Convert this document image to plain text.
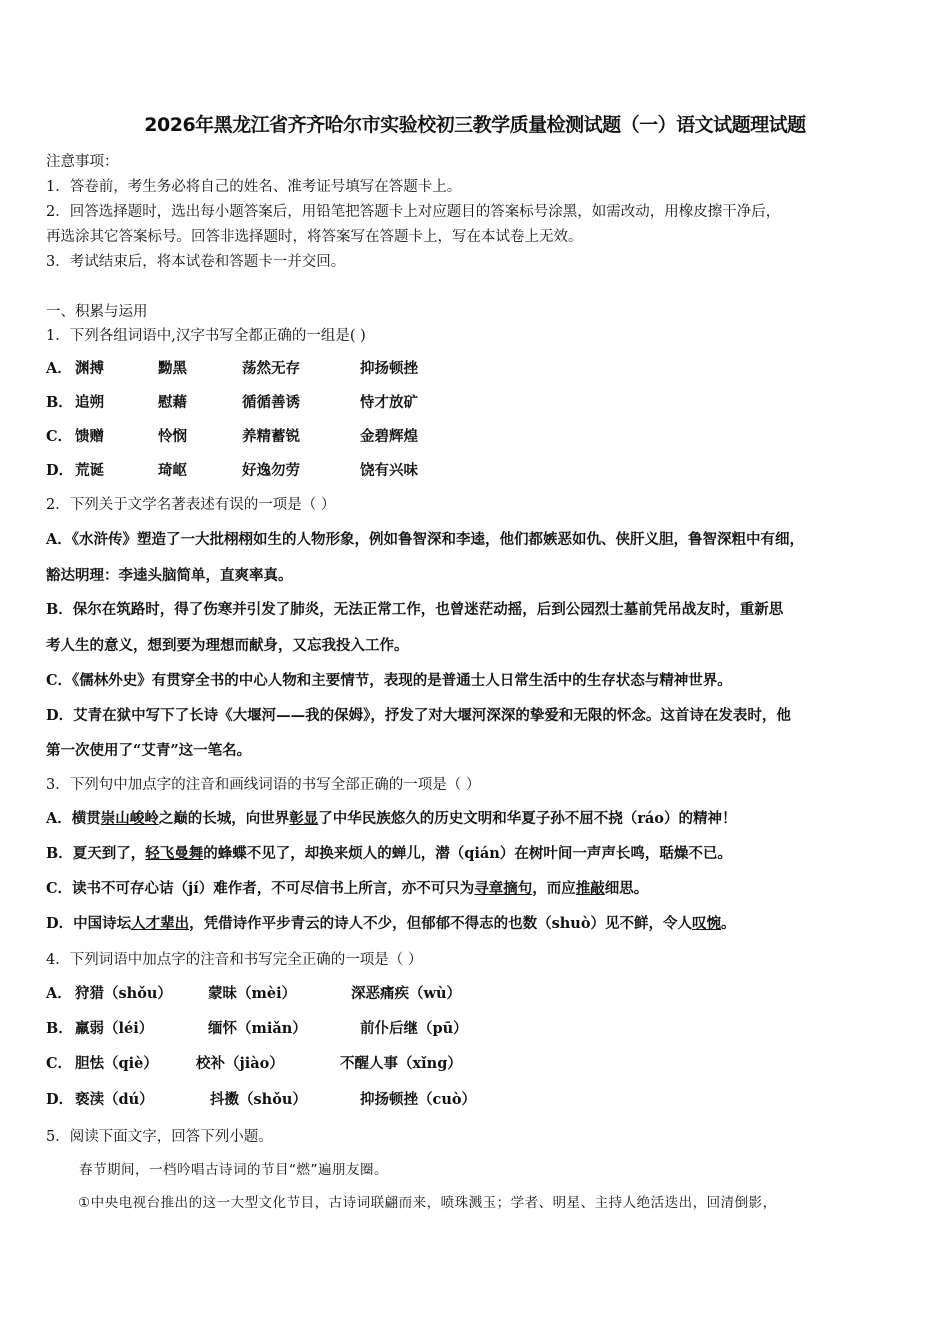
2026年黑龙江省齐齐哈尔市实验校初三教学质量检测试题（一）语文试题理试题
注意事项：
1．答卷前，考生务必将自己的姓名、准考证号填写在答题卡上。
2．回答选择题时，选出每小题答案后，用铅笔把答题卡上对应题目的答案标号涂黑，如需改动，用橡皮擦干净后，
再选涂其它答案标号。回答非选择题时，将答案写在答题卡上，写在本试卷上无效。
3．考试结束后，将本试卷和答题卡一并交回。
一、积累与运用
1．下列各组词语中,汉字书写全都正确的一组是( )
A． 渊搏	黝黑	荡然无存	抑扬顿挫
B． 追朔	慰藉	循循善诱	恃才放矿
C． 馈赠	怜悯	养精蓄锐	金碧辉煌
D． 荒诞	琦岖	好逸勿劳	饶有兴味
2．下列关于文学名著表述有误的一项是（ ）
A．《水浒传》塑造了一大批栩栩如生的人物形象，例如鲁智深和李逵，他们都嫉恶如仇、侠肝义胆，鲁智深粗中有细，
豁达明理：李逵头脑简单，直爽率真。
B．保尔在筑路时，得了伤寒并引发了肺炎，无法正常工作，也曾迷茫动摇，后到公园烈士墓前凭吊战友时，重新思
考人生的意义，想到要为理想而献身，又忘我投入工作。
C．《儒林外史》有贯穿全书的中心人物和主要情节，表现的是普通士人日常生活中的生存状态与精神世界。
D．艾青在狱中写下了长诗《大堰河——我的保姆》，抒发了对大堰河深深的挚爱和无限的怀念。这首诗在发表时，他
第一次使用了“艾青”这一笔名。
3．下列句中加点字的注音和画线词语的书写全部正确的一项是（ ）
A．横贯崇山峻岭之巅的长城，向世界彰显了中华民族悠久的历史文明和华夏子孙不屈不挠（ráo）的精神！
B．夏天到了，轻飞曼舞的蜂蝶不见了，却换来烦人的蝉儿，潜（qián）在树叶间一声声长鸣，聒燥不已。
C．读书不可存心诘（jí）难作者，不可尽信书上所言，亦不可只为寻章摘句，而应推敲细思。
D．中国诗坛人才辈出，凭借诗作平步青云的诗人不少，但郁郁不得志的也数（shuò）见不鲜，令人叹惋。
4．下列词语中加点字的注音和书写完全正确的一项是（ ）
A． 狩猎（shǒu） 蒙昧（mèi）	深恶痛疾（wù）
B． 羸弱（léi）	缅怀（miǎn）	前仆后继（pū）
C． 胆怯（qiè）	校补（jiào）	不醒人事（xǐng）
D． 亵渎（dú）	抖擞（shǒu）	抑扬顿挫（cuò）
5．阅读下面文字，回答下列小题。
春节期间，一档吟唱古诗词的节目“燃”遍朋友圈。
①中央电视台推出的这一大型文化节目，古诗词联翩而来，喷珠溅玉；学者、明星、主持人绝活迭出，回清倒影，
